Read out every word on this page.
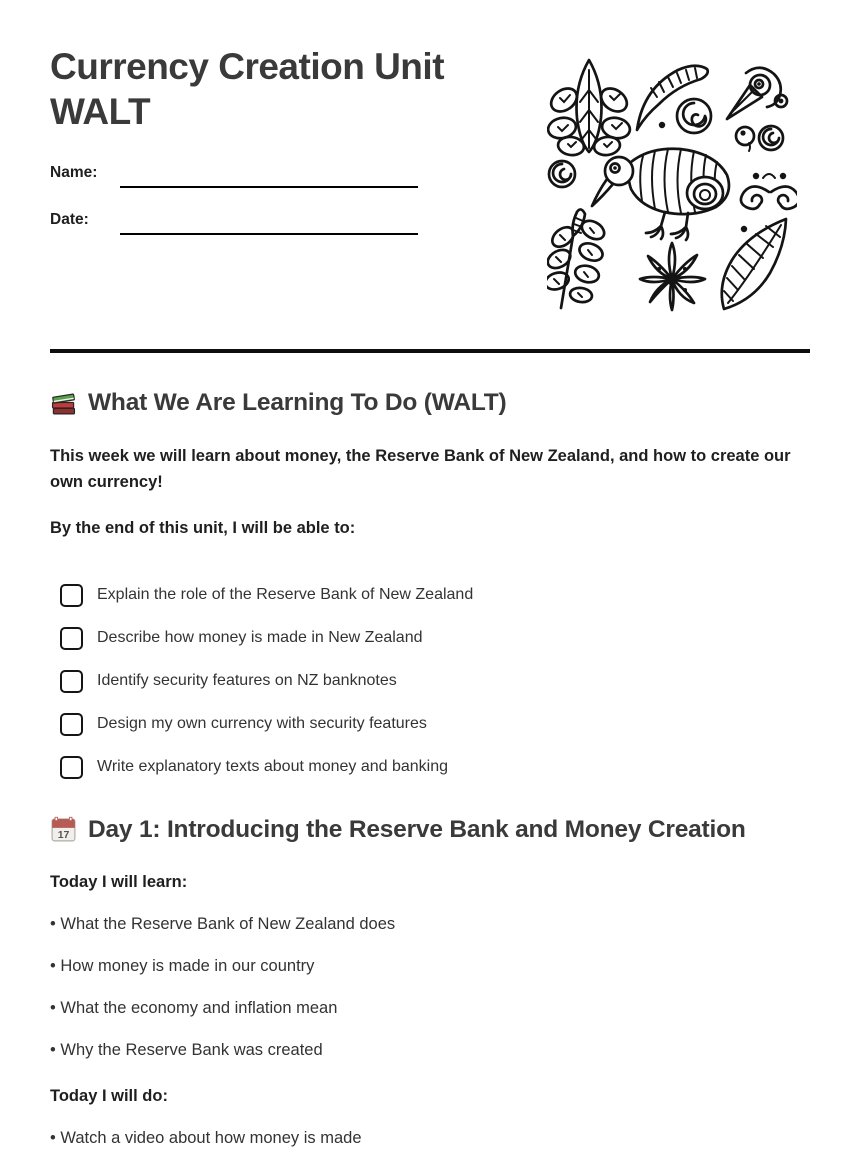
Currency Creation Unit WALT
Name:
Date:
What We Are Learning To Do (WALT)

This week we will learn about money, the Reserve Bank of New Zealand, and how to create our own currency!

By the end of this unit, I will be able to:

Explain the role of the Reserve Bank of New Zealand
Describe how money is made in New Zealand
Identify security features on NZ banknotes
Design my own currency with security features
Write explanatory texts about money and banking
17 Day 1: Introducing the Reserve Bank and Money Creation

Today I will learn:

• What the Reserve Bank of New Zealand does

• How money is made in our country

• What the economy and inflation mean

• Why the Reserve Bank was created

Today I will do:

• Watch a video about how money is made
